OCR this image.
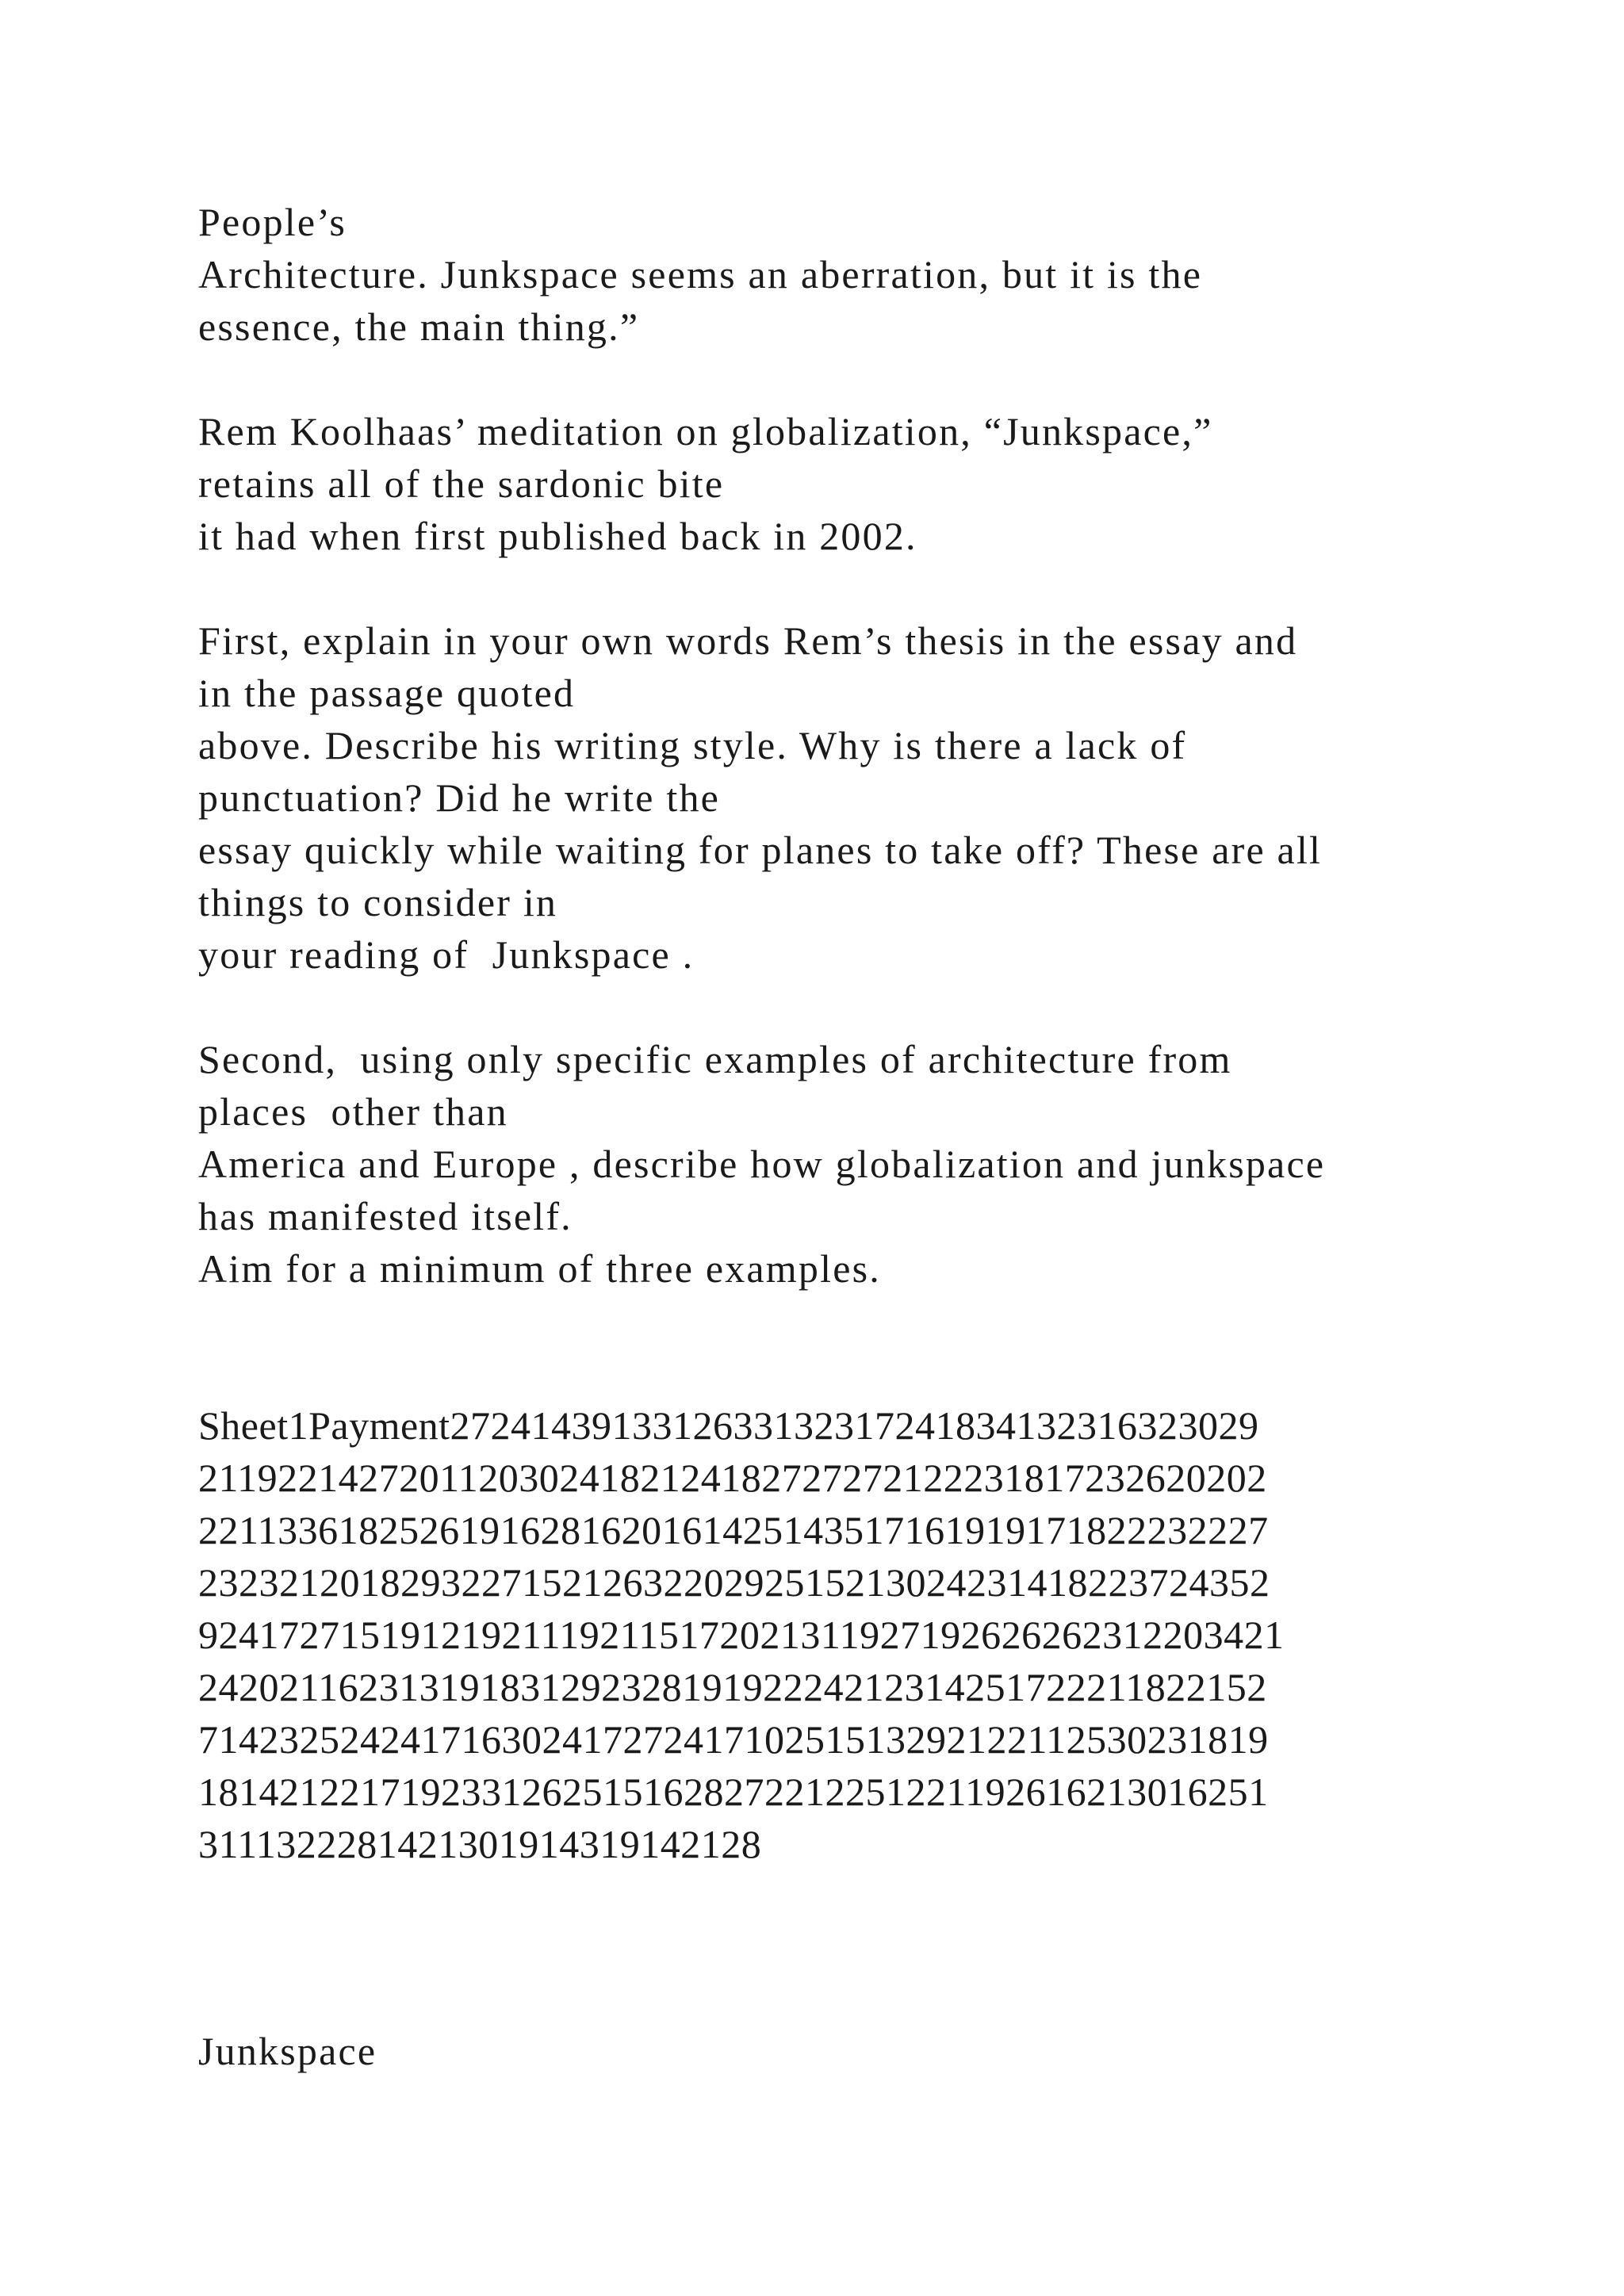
People’s
Architecture. Junkspace seems an aberration, but it is the
essence, the main thing.”
Rem Koolhaas’ meditation on globalization, “Junkspace,”
retains all of the sardonic bite
it had when first published back in 2002.
First, explain in your own words Rem’s thesis in the essay and
in the passage quoted
above. Describe his writing style. Why is there a lack of
punctuation? Did he write the
essay quickly while waiting for planes to take off? These are all
things to consider in
your reading of  Junkspace .
Second,  using only specific examples of architecture from
places  other than
America and Europe , describe how globalization and junkspace
has manifested itself.
Aim for a minimum of three examples.
Sheet1Payment272414391331263313231724183413231632302​9
21192214272011203024182124182727272122231817232620202
22113361825261916281620161425143517161919171822232227
23232120182932271521263220292515213024231418223724352
92417271519121921119211517202131192719262626231220342​1
24202116231319183129232819192224212314251722211822152
71423252424171630241727241710251513292122112530231819
18142122171923312625151628272212251221192616213016251
311132228142130191431914212​8
Junkspace
